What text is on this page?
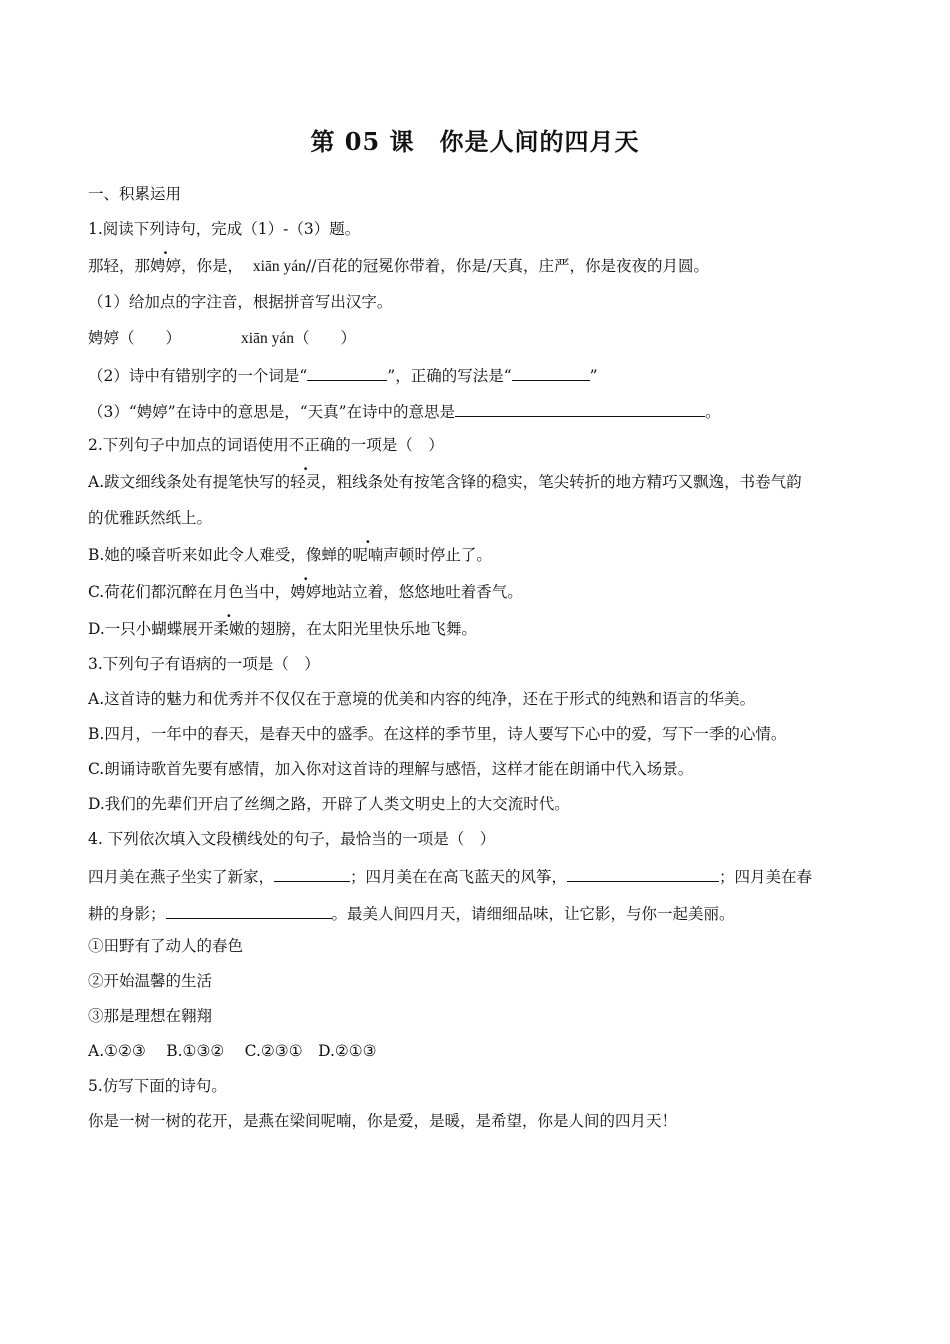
第 05 课　你是人间的四月天
一、积累运用
1.阅读下列诗句，完成（1）-（3）题。
那轻，那娉婷，你是， xiān yán//百花的冠冕你带着，你是/天真，庄严，你是夜夜的月圆。
（1）给加点的字注音，根据拼音写出汉字。
娉婷（　　）	xiān yán（　　）
（2）诗中有错别字的一个词是“	”，正确的写法是“	”
（3）“娉婷”在诗中的意思是，“天真”在诗中的意思是	。
2.下列句子中加点的词语使用不正确的一项是（　）
A.跋文细线条处有提笔快写的轻灵，粗线条处有按笔含锋的稳实，笔尖转折的地方精巧又飘逸，书卷气韵
的优雅跃然纸上。
B.她的嗓音听来如此令人难受，像蝉的呢喃声顿时停止了。
C.荷花们都沉醉在月色当中，娉婷地站立着，悠悠地吐着香气。
D.一只小蝴蝶展开柔嫩的翅膀，在太阳光里快乐地飞舞。
3.下列句子有语病的一项是（　）
A.这首诗的魅力和优秀并不仅仅在于意境的优美和内容的纯净，还在于形式的纯熟和语言的华美。
B.四月，一年中的春天，是春天中的盛季。在这样的季节里，诗人要写下心中的爱，写下一季的心情。
C.朗诵诗歌首先要有感情，加入你对这首诗的理解与感悟，这样才能在朗诵中代入场景。
D.我们的先辈们开启了丝绸之路，开辟了人类文明史上的大交流时代。
4. 下列依次填入文段横线处的句子，最恰当的一项是（　）
四月美在燕子坐实了新家，	；四月美在在高飞蓝天的风筝，	；四月美在春
耕的身影；	。最美人间四月天，请细细品味，让它影，与你一起美丽。
①田野有了动人的春色
②开始温馨的生活
③那是理想在翱翔
A.①②③　 B.①③②　 C.②③①　D.②①③
5.仿写下面的诗句。
你是一树一树的花开，是燕在梁间呢喃，你是爱，是暖，是希望，你是人间的四月天！
